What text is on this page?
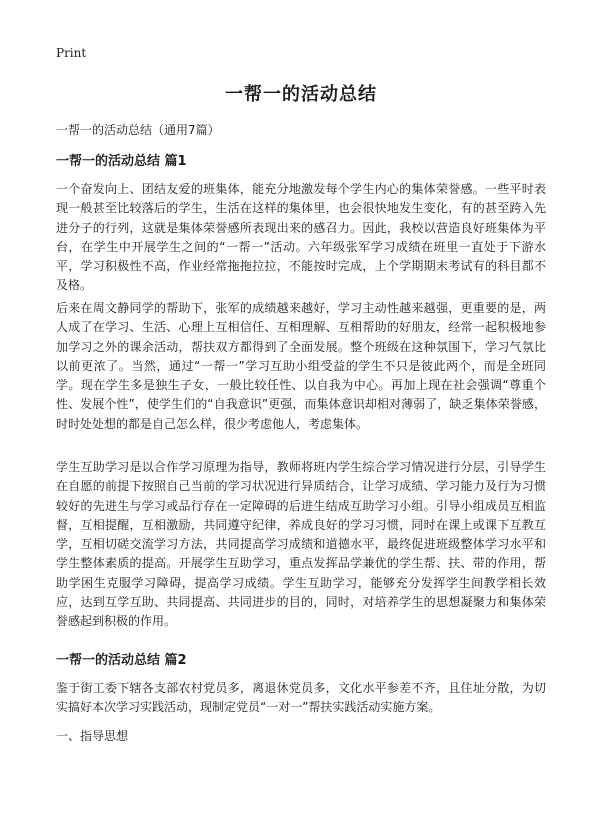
Print
一帮一的活动总结
一帮一的活动总结（通用7篇）
一帮一的活动总结 篇1

一个奋发向上、团结友爱的班集体，能充分地激发每个学生内心的集体荣誉感。一些平时表现一般甚至比较落后的学生，生活在这样的集体里，也会很快地发生变化，有的甚至跨入先进分子的行列，这就是集体荣誉感所表现出来的感召力。因此，我校以营造良好班集体为平台，在学生中开展学生之间的“一帮一”活动。六年级张军学习成绩在班里一直处于下游水平，学习积极性不高，作业经常拖拖拉拉，不能按时完成，上个学期期末考试有的科目都不及格。

后来在周文静同学的帮助下，张军的成绩越来越好，学习主动性越来越强，更重要的是，两人成了在学习、生活、心理上互相信任、互相理解、互相帮助的好朋友，经常一起积极地参加学习之外的课余活动，帮扶双方都得到了全面发展。整个班级在这种氛围下，学习气氛比以前更浓了。当然，通过“一帮一”学习互助小组受益的学生不只是彼此两个，而是全班同学。现在学生多是独生子女，一般比较任性、以自我为中心。再加上现在社会强调“尊重个性、发展个性”，使学生们的“自我意识”更强，而集体意识却相对薄弱了，缺乏集体荣誉感，时时处处想的都是自己怎么样，很少考虑他人，考虑集体。

学生互助学习是以合作学习原理为指导，教师将班内学生综合学习情况进行分层，引导学生在自愿的前提下按照自己当前的学习状况进行异质结合，让学习成绩、学习能力及行为习惯较好的先进生与学习或品行存在一定障碍的后进生结成互助学习小组。引导小组成员互相监督，互相提醒，互相激励，共同遵守纪律，养成良好的学习习惯，同时在课上或课下互教互学，互相切磋交流学习方法，共同提高学习成绩和道德水平，最终促进班级整体学习水平和学生整体素质的提高。开展学生互助学习，重点发挥品学兼优的学生帮、扶、带的作用，帮助学困生克服学习障碍，提高学习成绩。学生互助学习，能够充分发挥学生间教学相长效应，达到互学互助、共同提高、共同进步的目的，同时，对培养学生的思想凝聚力和集体荣誉感起到积极的作用。

一帮一的活动总结 篇2

鉴于街工委下辖各支部农村党员多，离退休党员多，文化水平参差不齐，且住址分散，为切实搞好本次学习实践活动，现制定党员“一对一”帮扶实践活动实施方案。

一、指导思想
